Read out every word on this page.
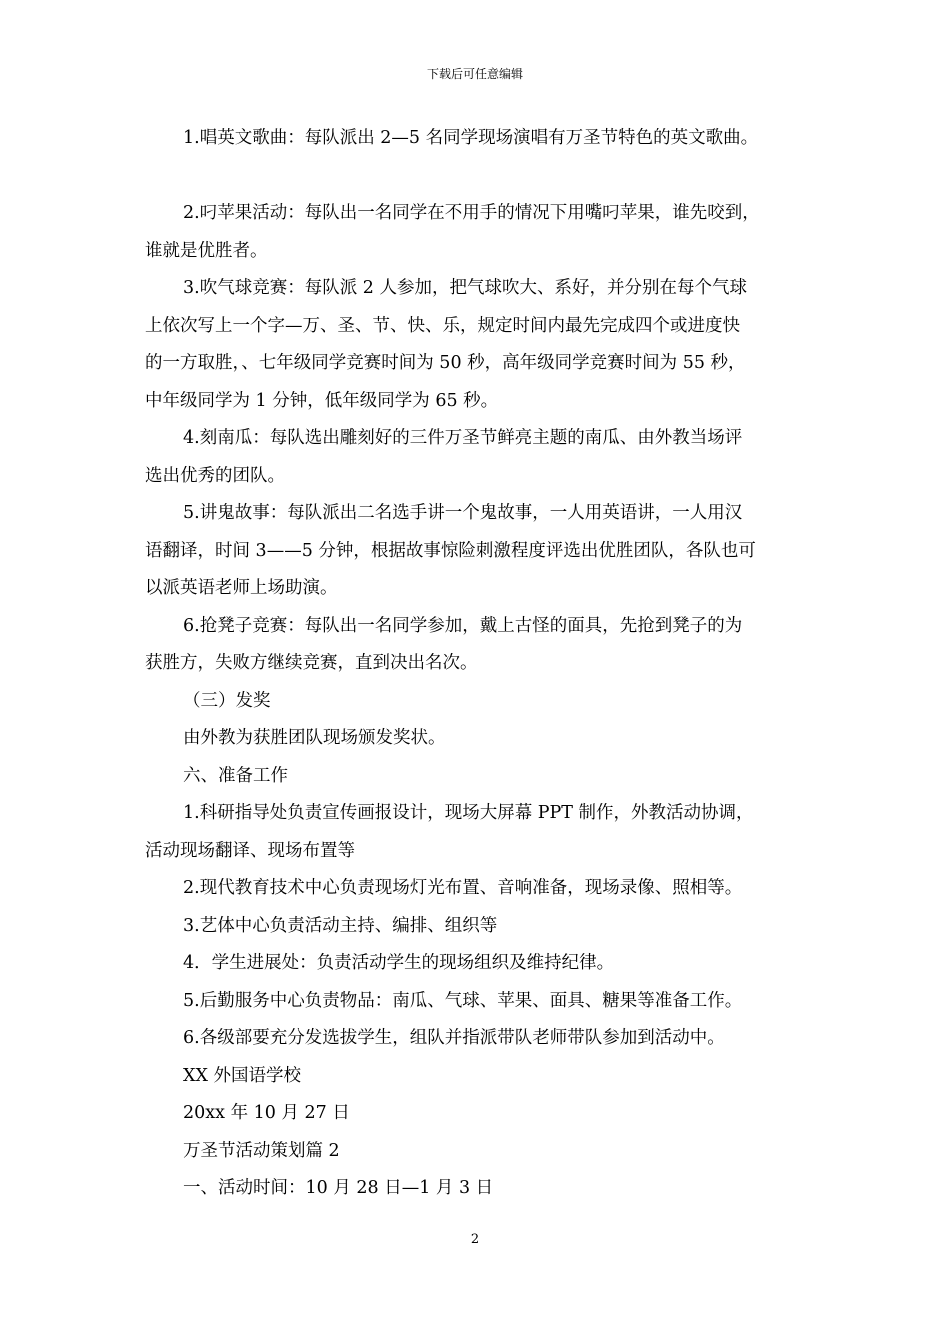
下载后可任意编辑

1.唱英文歌曲：每队派出 2—5 名同学现场演唱有万圣节特色的英文歌曲。

2.叼苹果活动：每队出一名同学在不用手的情况下用嘴叼苹果，谁先咬到，

谁就是优胜者。

3.吹气球竞赛：每队派 2 人参加，把气球吹大、系好，并分别在每个气球

上依次写上一个字—万、圣、节、快、乐，规定时间内最先完成四个或进度快

的一方取胜，、七年级同学竞赛时间为 50 秒，高年级同学竞赛时间为 55 秒，

中年级同学为 1 分钟，低年级同学为 65 秒。

4.刻南瓜：每队选出雕刻好的三件万圣节鲜亮主题的南瓜、由外教当场评

选出优秀的团队。

5.讲鬼故事：每队派出二名选手讲一个鬼故事，一人用英语讲，一人用汉

语翻译，时间 3——5 分钟，根据故事惊险刺激程度评选出优胜团队，各队也可

以派英语老师上场助演。

6.抢凳子竞赛：每队出一名同学参加，戴上古怪的面具，先抢到凳子的为

获胜方，失败方继续竞赛，直到决出名次。

（三）发奖

由外教为获胜团队现场颁发奖状。

六、准备工作

1.科研指导处负责宣传画报设计，现场大屏幕 PPT 制作，外教活动协调，

活动现场翻译、现场布置等

2.现代教育技术中心负责现场灯光布置、音响准备，现场录像、照相等。

3.艺体中心负责活动主持、编排、组织等

4．学生进展处：负责活动学生的现场组织及维持纪律。

5.后勤服务中心负责物品：南瓜、气球、苹果、面具、糖果等准备工作。

6.各级部要充分发选拔学生，组队并指派带队老师带队参加到活动中。

XX 外国语学校

20xx 年 10 月 27 日

万圣节活动策划篇 2

一、活动时间：10 月 28 日—1 月 3 日

2
